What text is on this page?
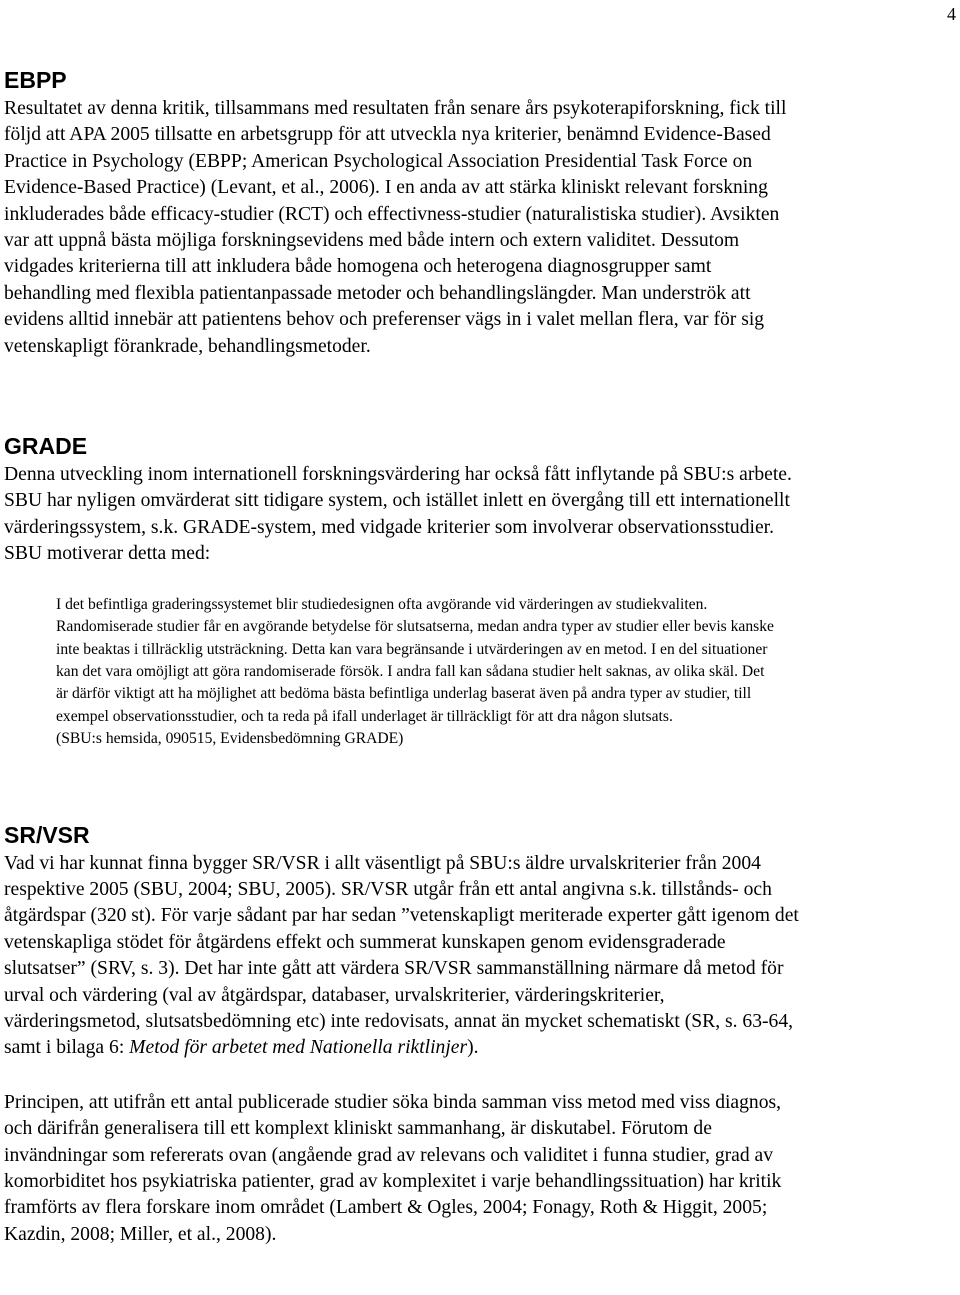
4
EBPP

Resultatet av denna kritik, tillsammans med resultaten från senare års psykoterapiforskning, fick till
följd att APA 2005 tillsatte en arbetsgrupp för att utveckla nya kriterier, benämnd Evidence-Based
Practice in Psychology (EBPP; American Psychological Association Presidential Task Force on
Evidence-Based Practice) (Levant, et al., 2006). I en anda av att stärka kliniskt relevant forskning
inkluderades både efficacy-studier (RCT) och effectivness-studier (naturalistiska studier). Avsikten
var att uppnå bästa möjliga forskningsevidens med både intern och extern validitet. Dessutom
vidgades kriterierna till att inkludera både homogena och heterogena diagnosgrupper samt
behandling med flexibla patientanpassade metoder och behandlingslängder. Man underströk att
evidens alltid innebär att patientens behov och preferenser vägs in i valet mellan flera, var för sig
vetenskapligt förankrade, behandlingsmetoder.

GRADE

Denna utveckling inom internationell forskningsvärdering har också fått inflytande på SBU:s arbete.
SBU har nyligen omvärderat sitt tidigare system, och istället inlett en övergång till ett internationellt
värderingssystem, s.k. GRADE-system, med vidgade kriterier som involverar observationsstudier.
SBU motiverar detta med:

I det befintliga graderingssystemet blir studiedesignen ofta avgörande vid värderingen av studiekvaliten.
Randomiserade studier får en avgörande betydelse för slutsatserna, medan andra typer av studier eller bevis kanske
inte beaktas i tillräcklig utsträckning. Detta kan vara begränsande i utvärderingen av en metod. I en del situationer
kan det vara omöjligt att göra randomiserade försök. I andra fall kan sådana studier helt saknas, av olika skäl. Det
är därför viktigt att ha möjlighet att bedöma bästa befintliga underlag baserat även på andra typer av studier, till
exempel observationsstudier, och ta reda på ifall underlaget är tillräckligt för att dra någon slutsats.
(SBU:s hemsida, 090515, Evidensbedömning GRADE)
SR/VSR

Vad vi har kunnat finna bygger SR/VSR i allt väsentligt på SBU:s äldre urvalskriterier från 2004
respektive 2005 (SBU, 2004; SBU, 2005). SR/VSR utgår från ett antal angivna s.k. tillstånds- och
åtgärdspar (320 st). För varje sådant par har sedan ”vetenskapligt meriterade experter gått igenom det
vetenskapliga stödet för åtgärdens effekt och summerat kunskapen genom evidensgraderade
slutsatser” (SRV, s. 3). Det har inte gått att värdera SR/VSR sammanställning närmare då metod för
urval och värdering (val av åtgärdspar, databaser, urvalskriterier, värderingskriterier,
värderingsmetod, slutsatsbedömning etc) inte redovisats, annat än mycket schematiskt (SR, s. 63-64,
samt i bilaga 6: Metod för arbetet med Nationella riktlinjer).

Principen, att utifrån ett antal publicerade studier söka binda samman viss metod med viss diagnos,
och därifrån generalisera till ett komplext kliniskt sammanhang, är diskutabel. Förutom de
invändningar som refererats ovan (angående grad av relevans och validitet i funna studier, grad av
komorbiditet hos psykiatriska patienter, grad av komplexitet i varje behandlingssituation) har kritik
framförts av flera forskare inom området (Lambert & Ogles, 2004; Fonagy, Roth & Higgit, 2005;
Kazdin, 2008; Miller, et al., 2008).
